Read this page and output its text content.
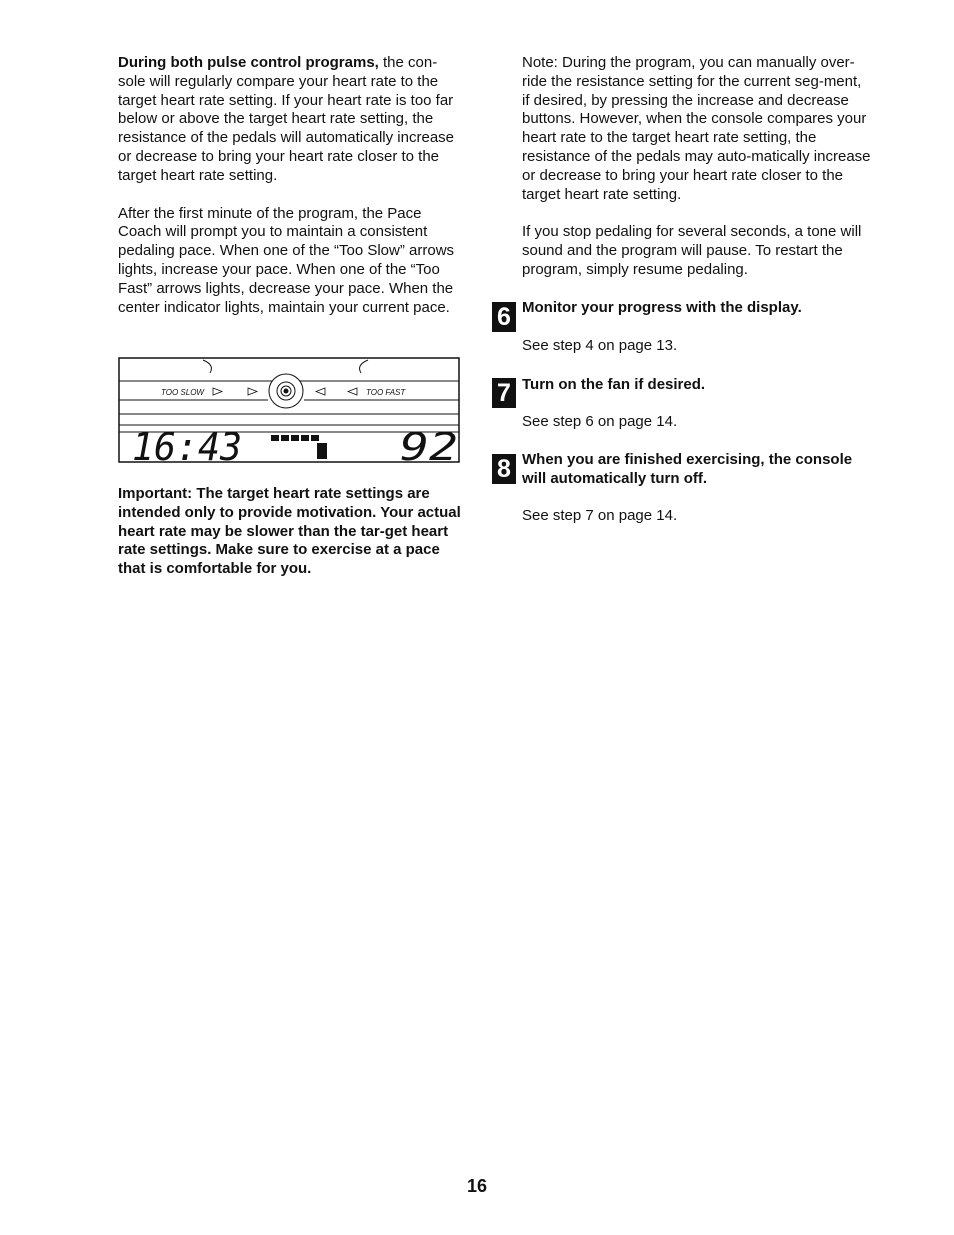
During both pulse control programs, the con-sole will regularly compare your heart rate to the target heart rate setting. If your heart rate is too far below or above the target heart rate setting, the resistance of the pedals will automatically increase or decrease to bring your heart rate closer to the target heart rate setting.

After the first minute of the program, the Pace Coach will prompt you to maintain a consistent pedaling pace. When one of the “Too Slow” arrows lights, increase your pace. When one of the “Too Fast” arrows lights, decrease your pace. When the center indicator lights, maintain your current pace.

TOO SLOW	TOO FAST
16:43	92

Important: The target heart rate settings are intended only to provide motivation. Your actual heart rate may be slower than the tar-get heart rate settings. Make sure to exercise at a pace that is comfortable for you.

Note: During the program, you can manually over-ride the resistance setting for the current seg-ment, if desired, by pressing the increase and decrease buttons. However, when the console compares your heart rate to the target heart rate setting, the resistance of the pedals may auto-matically increase or decrease to bring your heart rate closer to the target heart rate setting.

If you stop pedaling for several seconds, a tone will sound and the program will pause. To restart the program, simply resume pedaling.

6 Monitor your progress with the display.
See step 4 on page 13.
7 Turn on the fan if desired.
See step 6 on page 14.
8 When you are finished exercising, the console will automatically turn off.
See step 7 on page 14.
16
